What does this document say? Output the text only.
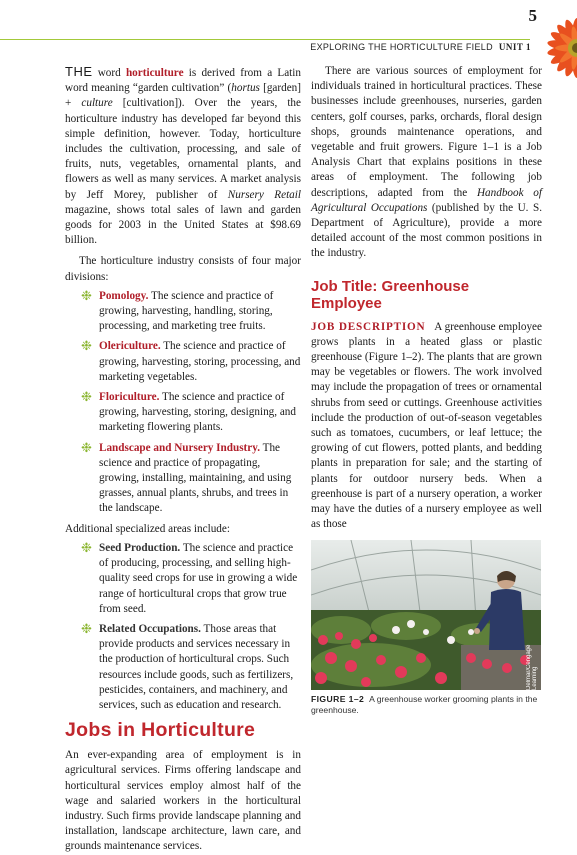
5
EXPLORING THE HORTICULTURE FIELD UNIT 1

THE word horticulture is derived from a Latin word meaning “garden cultivation” (hortus [garden] + culture [cultivation]). Over the years, the horticulture industry has developed far beyond this simple definition, however. Today, horticulture includes the cultivation, processing, and sale of fruits, nuts, vegetables, ornamental plants, and flowers as well as many services. A market analysis by Jeff Morey, publisher of Nursery Retail magazine, shows total sales of lawn and garden goods for 2003 in the United States at $98.69 billion.

The horticulture industry consists of four major divisions:

❉ Pomology. The science and practice of growing, harvesting, handling, storing, processing, and marketing tree fruits.
❉ Olericulture. The science and practice of growing, harvesting, storing, processing, and marketing vegetables.
❉ Floriculture. The science and practice of growing, harvesting, storing, designing, and marketing flowering plants.
❉ Landscape and Nursery Industry. The science and practice of propagating, growing, installing, maintaining, and using grasses, annual plants, shrubs, and trees in the landscape.

Additional specialized areas include:

❉ Seed Production. The science and practice of producing, processing, and selling high-quality seed crops for use in growing a wide range of horticultural crops that grow true from seed.
❉ Related Occupations. Those areas that provide products and services necessary in the production of horticultural crops. Such resources include goods, such as fertilizers, pesticides, containers, and machinery, and services, such as education and research.
Jobs in Horticulture

An ever-expanding area of employment is in agricultural services. Firms offering landscape and horticultural services employ almost half of the wage and salaried workers in the horticultural industry. Such firms provide landscape planning and installation, landscape architecture, lawn care, and grounds maintenance services.

There are various sources of employment for individuals trained in horticultural practices. These businesses include greenhouses, nurseries, garden centers, golf courses, parks, orchards, floral design shops, grounds maintenance operations, and vegetable and fruit growers. Figure 1–1 is a Job Analysis Chart that explains positions in these areas of employment. The following job descriptions, adapted from the Handbook of Agricultural Occupations (published by the U. S. Department of Agriculture), provide a more detailed account of the most common positions in the industry.

Job Title: Greenhouse Employee

JOB DESCRIPTION A greenhouse employee grows plants in a heated glass or plastic greenhouse (Figure 1–2). The plants that are grown may be vegetables or flowers. The work involved may include the propagation of trees or ornamental shrubs from seed or cuttings. Greenhouse activities include the production of out-of-season vegetables such as tomatoes, cucumbers, or leaf lettuce; the growing of cut flowers, potted plants, and bedding plants in preparation for sale; and the starting of plants for outdoor nursery beds. When a greenhouse is part of a nursery operation, a worker may have the duties of a nursery employee as well as those

Delmar/Cengage Learning
FIGURE 1–2 A greenhouse worker grooming plants in the greenhouse.
